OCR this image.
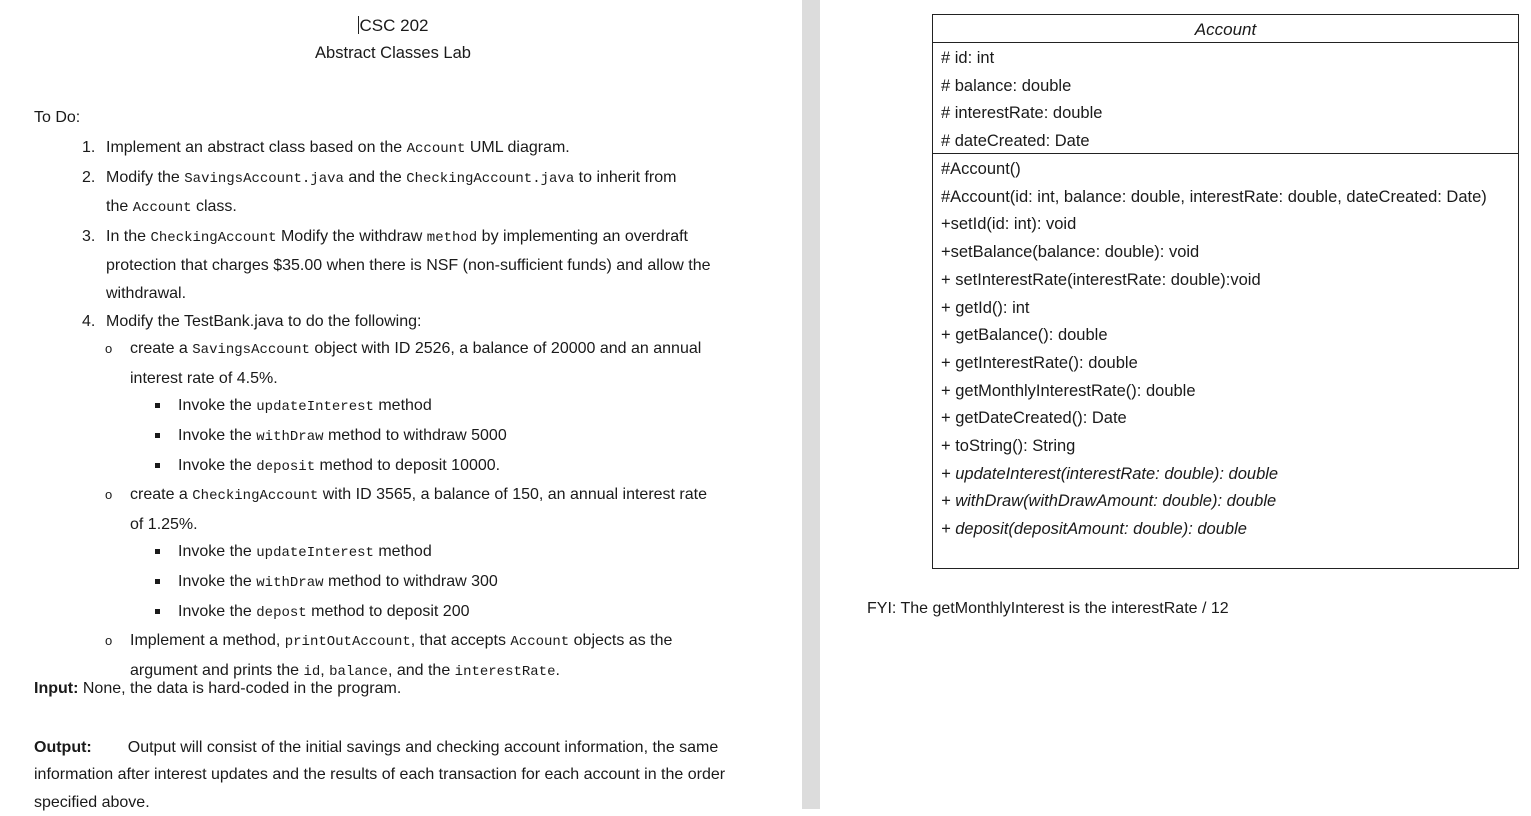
CSC 202
Abstract Classes Lab
To Do:
1. Implement an abstract class based on the Account UML diagram.
2. Modify the SavingsAccount.java and the CheckingAccount.java to inherit from
the Account class.
3. In the CheckingAccount Modify the withdraw method by implementing an overdraft
protection that charges $35.00 when there is NSF (non-sufficient funds) and allow the
withdrawal.
4. Modify the TestBank.java to do the following:
o create a SavingsAccount object with ID 2526, a balance of 20000 and an annual
interest rate of 4.5%.
Invoke the updateInterest method
Invoke the withDraw method to withdraw 5000
Invoke the deposit method to deposit 10000.
o create a CheckingAccount with ID 3565, a balance of 150, an annual interest rate
of 1.25%.
Invoke the updateInterest method
Invoke the withDraw method to withdraw 300
Invoke the depost method to deposit 200
o Implement a method, printOutAccount, that accepts Account objects as the
argument and prints the id, balance, and the interestRate.
Input: None, the data is hard-coded in the program.
Output: Output will consist of the initial savings and checking account information, the same information after interest updates and the results of each transaction for each account in the order specified above.
Account
# id: int
# balance: double
# interestRate: double
# dateCreated: Date
#Account()
#Account(id: int, balance: double, interestRate: double, dateCreated: Date)
+setId(id: int): void
+setBalance(balance: double): void
+ setInterestRate(interestRate: double):void
+ getId(): int
+ getBalance(): double
+ getInterestRate(): double
+ getMonthlyInterestRate(): double
+ getDateCreated(): Date
+ toString(): String
+ updateInterest(interestRate: double): double
+ withDraw(withDrawAmount: double): double
+ deposit(depositAmount: double): double
FYI: The getMonthlyInterest is the interestRate / 12
